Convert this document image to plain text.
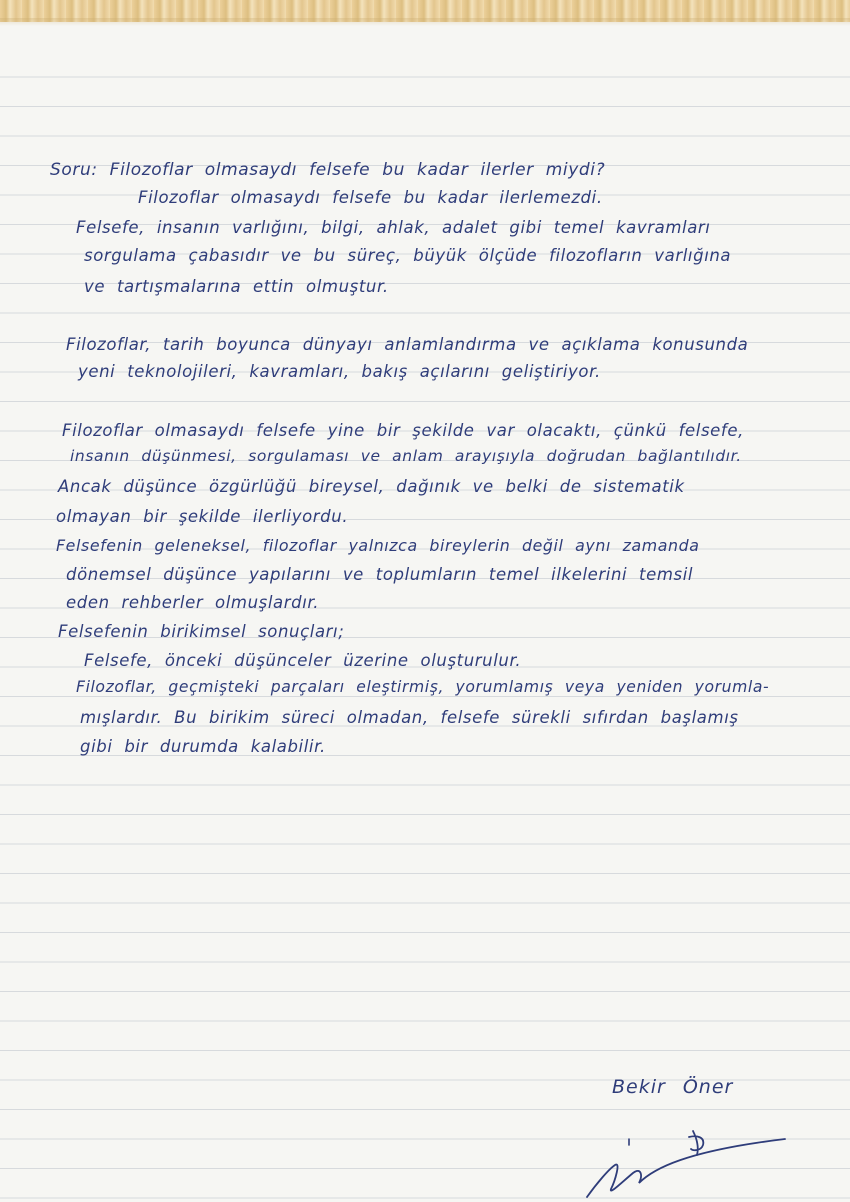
Soru: Filozoflar olmasaydı felsefe bu kadar ilerler miydi?
Filozoflar olmasaydı felsefe bu kadar ilerlemezdi.
Felsefe, insanın varlığını, bilgi, ahlak, adalet gibi temel kavramları
sorgulama çabasıdır ve bu süreç, büyük ölçüde filozofların varlığına
ve tartışmalarına ettin olmuştur.
Filozoflar, tarih boyunca dünyayı anlamlandırma ve açıklama konusunda
yeni teknolojileri, kavramları, bakış açılarını geliştiriyor.
Filozoflar olmasaydı felsefe yine bir şekilde var olacaktı, çünkü felsefe,
insanın düşünmesi, sorgulaması ve anlam arayışıyla doğrudan bağlantılıdır.
Ancak düşünce özgürlüğü bireysel, dağınık ve belki de sistematik
olmayan bir şekilde ilerliyordu.
Felsefenin geleneksel, filozoflar yalnızca bireylerin değil aynı zamanda
dönemsel düşünce yapılarını ve toplumların temel ilkelerini temsil
eden rehberler olmuşlardır.
Felsefenin birikimsel sonuçları;
Felsefe, önceki düşünceler üzerine oluşturulur.
Filozoflar, geçmişteki parçaları eleştirmiş, yorumlamış veya yeniden yorumla-
mışlardır. Bu birikim süreci olmadan, felsefe sürekli sıfırdan başlamış
gibi bir durumda kalabilir.
Bekir Öner
